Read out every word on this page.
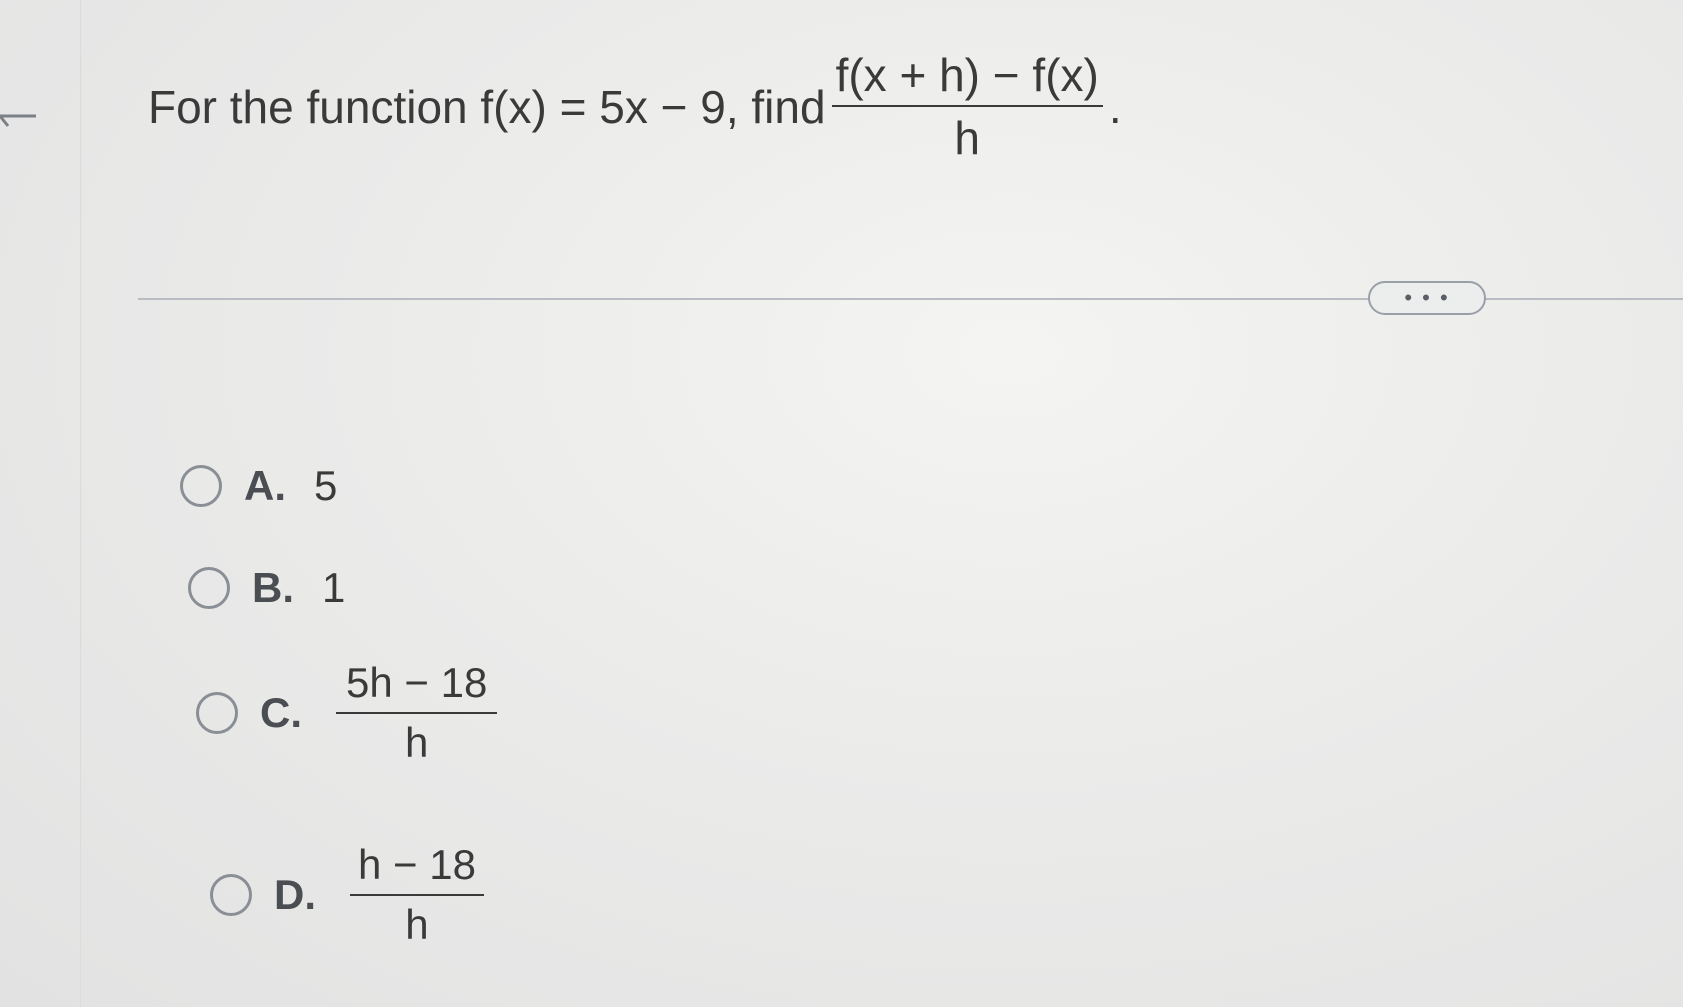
For the function f(x) = 5x − 9, find $\frac{f(x + h) - f(x)}{h}$ .
• • •
A. 5
B. 1
C. $\frac{5h - 18}{h}$
D. $\frac{h - 18}{h}$
